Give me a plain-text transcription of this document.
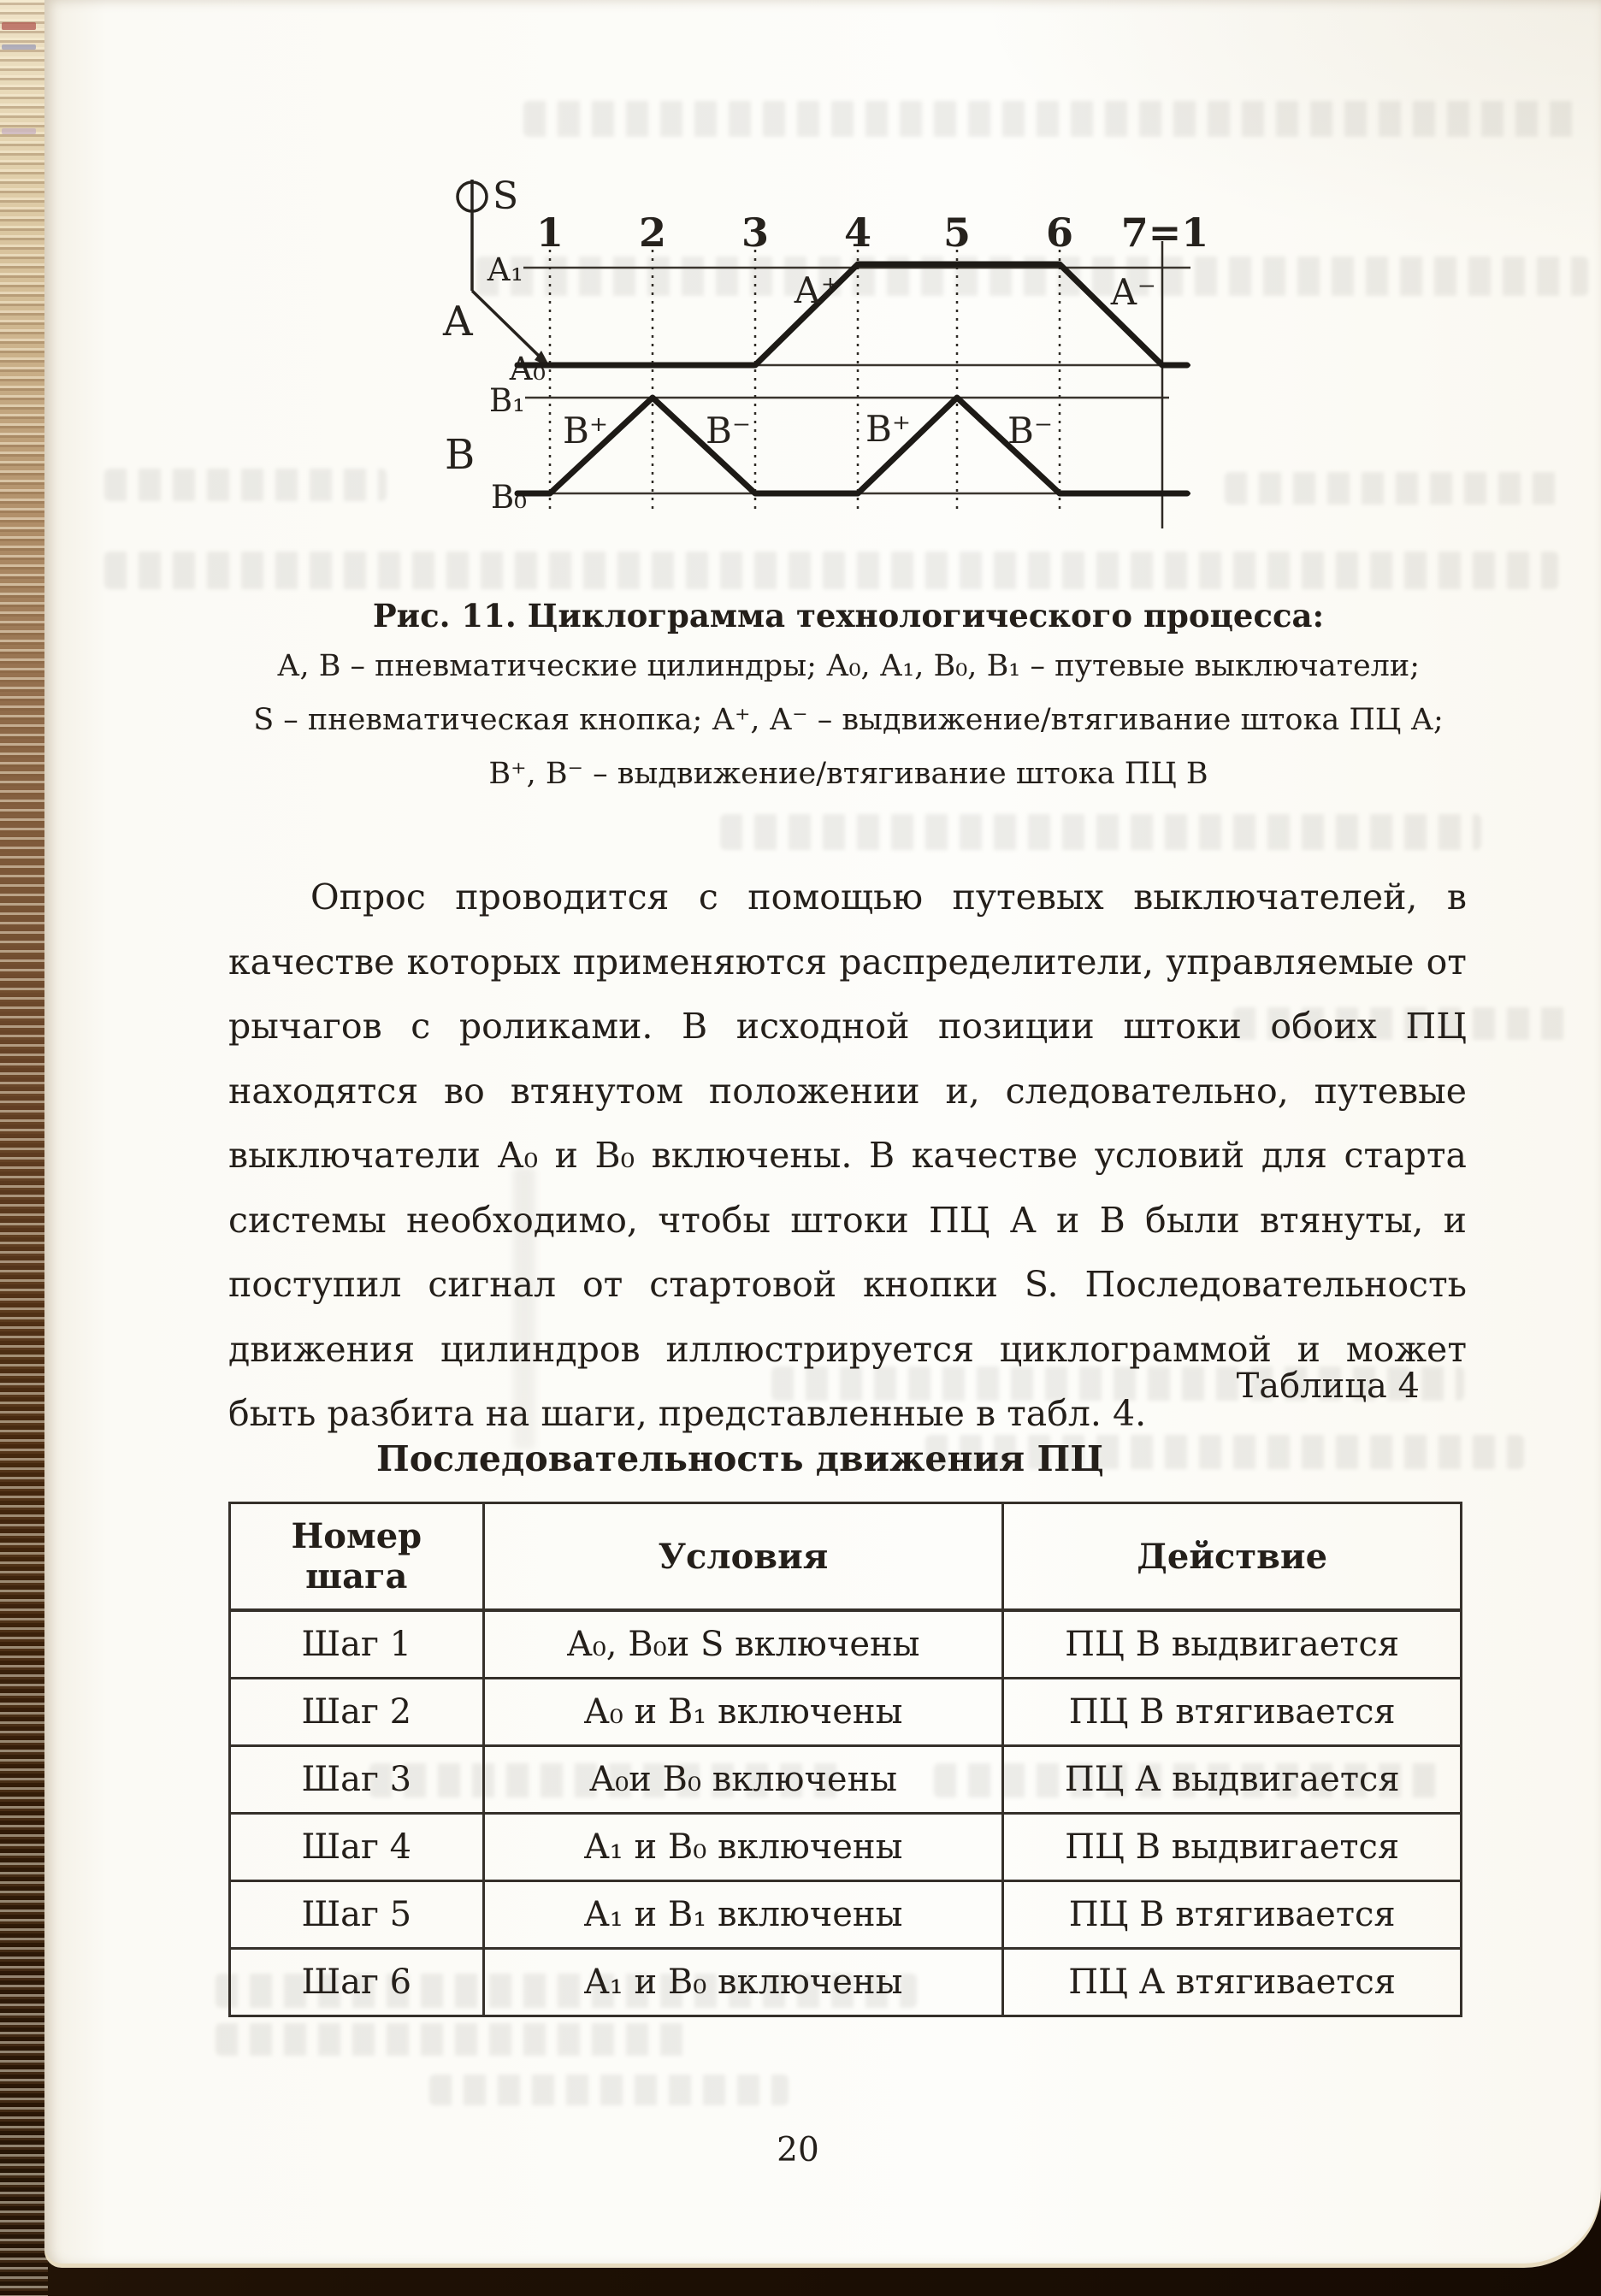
S
A
B
А₁
А₀
В₁
В₀
1 2 3 4 5 6 7=1
А⁺	А⁻
В⁺	В⁻	В⁺	В⁻
Рис. 11. Циклограмма технологического процесса:
А, В – пневматические цилиндры; А₀, А₁, В₀, В₁ – путевые выключатели;
S – пневматическая кнопка; А⁺, А⁻ – выдвижение/втягивание штока ПЦ А;
В⁺, В⁻ – выдвижение/втягивание штока ПЦ В
Опрос проводится с помощью путевых выключателей, в качестве которых применяются распределители, управляемые от рычагов с роликами. В исходной позиции штоки обоих ПЦ находятся во втянутом положении и, следовательно, путевые выключатели А₀ и В₀ включены. В качестве условий для старта системы необходимо, чтобы штоки ПЦ А и В были втянуты, и поступил сигнал от стартовой кнопки S. Последовательность движения цилиндров иллюстрируется циклограммой и может быть разбита на шаги, представленные в табл. 4.
Таблица 4
Последовательность движения ПЦ
Номер шага	Условия	Действие
Шаг 1	А₀, В₀и S включены	ПЦ В выдвигается
Шаг 2	А₀ и В₁ включены	ПЦ В втягивается
Шаг 3	А₀и В₀ включены	ПЦ А выдвигается
Шаг 4	А₁ и В₀ включены	ПЦ В выдвигается
Шаг 5	А₁ и В₁ включены	ПЦ В втягивается
Шаг 6	А₁ и В₀ включены	ПЦ А втягивается
20
